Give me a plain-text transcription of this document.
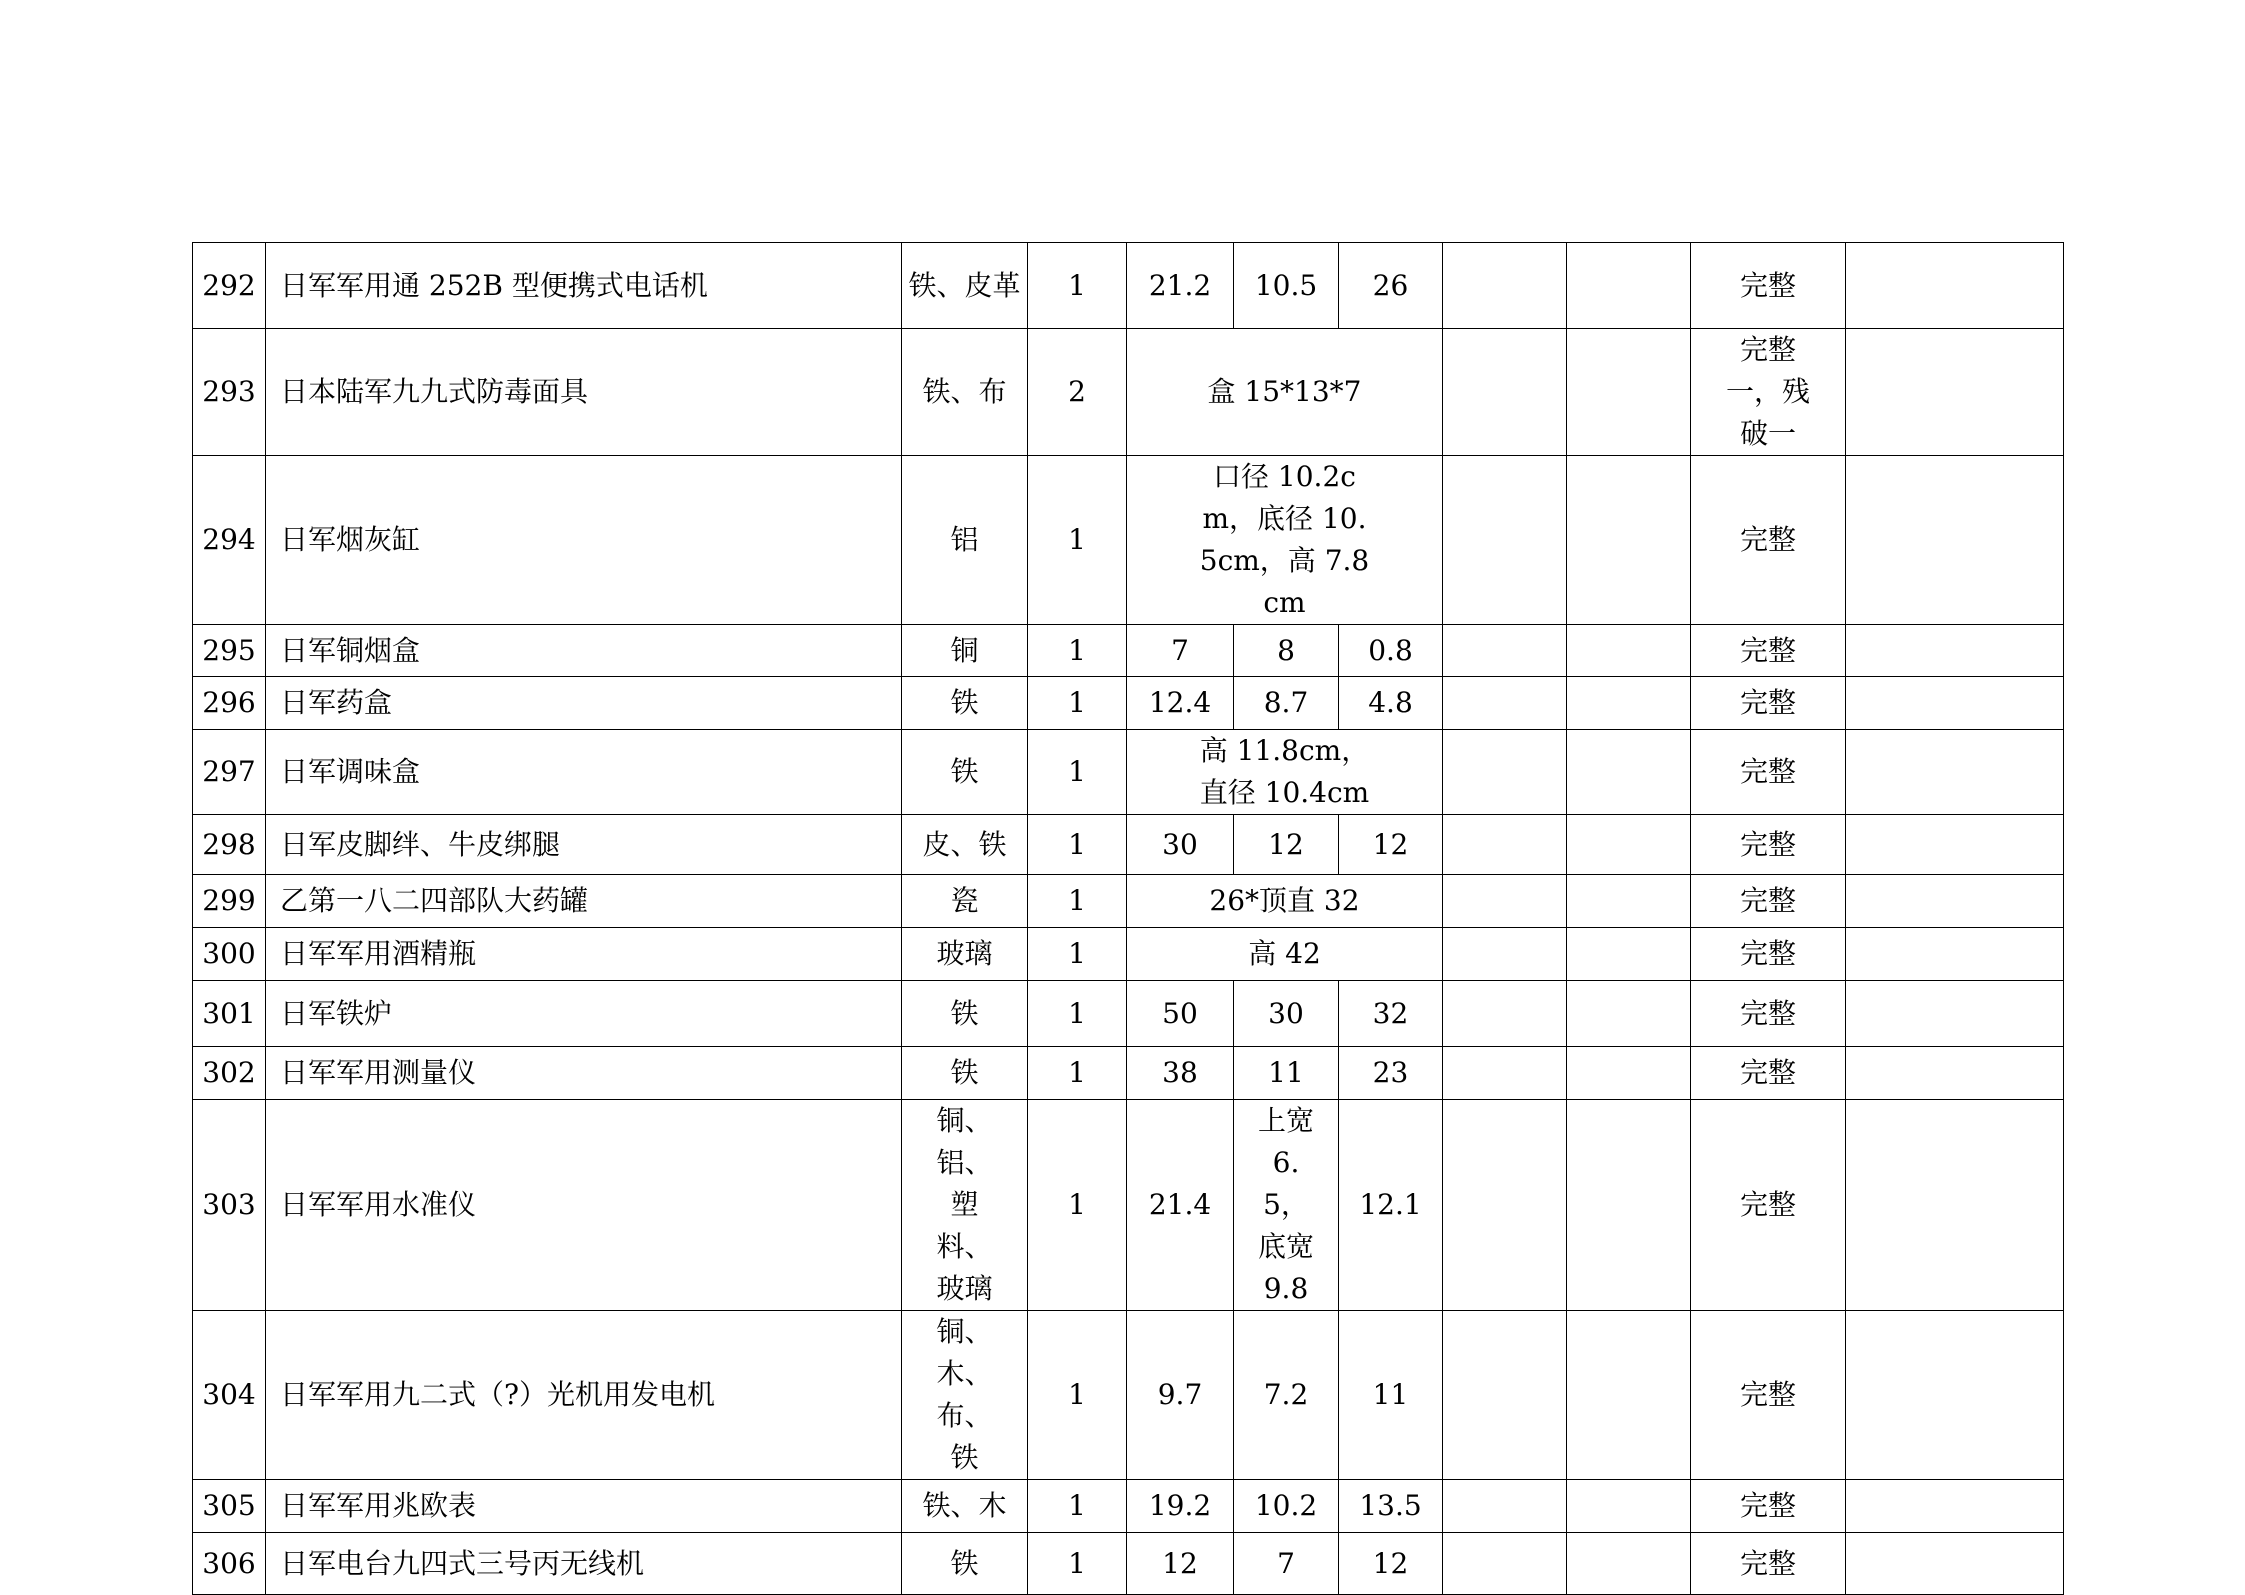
292	日军军用通 252B 型便携式电话机	铁、皮革	1	21.2	10.5	26			完整	
293	日本陆军九九式防毒面具	铁、布	2	盒 15*13*7					完整一，残破一	
294	日军烟灰缸	铝	1	口径 10.2cm，底径 10.5cm，高 7.8cm					完整	
295	日军铜烟盒	铜	1	7	8	0.8			完整	
296	日军药盒	铁	1	12.4	8.7	4.8			完整	
297	日军调味盒	铁	1	高 11.8cm，直径 10.4cm					完整	
298	日军皮脚绊、牛皮绑腿	皮、铁	1	30	12	12			完整	
299	乙第一八二四部队大药罐	瓷	1	26*顶直 32					完整	
300	日军军用酒精瓶	玻璃	1	高 42					完整	
301	日军铁炉	铁	1	50	30	32			完整	
302	日军军用测量仪	铁	1	38	11	23			完整	
303	日军军用水准仪	铜、铝、塑料、玻璃	1	21.4	上宽 6.5，底宽 9.8	12.1			完整	
304	日军军用九二式（?）光机用发电机	铜、木、布、铁	1	9.7	7.2	11			完整	
305	日军军用兆欧表	铁、木	1	19.2	10.2	13.5			完整	
306	日军电台九四式三号丙无线机	铁	1	12	7	12			完整	
